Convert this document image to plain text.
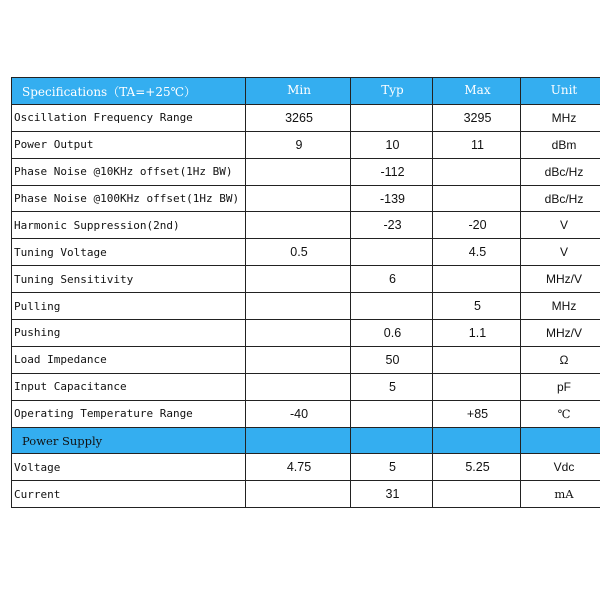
Specifications（TA=+25℃）	Min	Typ	Max	Unit
Oscillation Frequency Range	3265		3295	MHz
Power Output	9	10	11	dBm
Phase Noise @10KHz offset(1Hz BW)		-112		dBc/Hz
Phase Noise @100KHz offset(1Hz BW)		-139		dBc/Hz
Harmonic Suppression(2nd)		-23	-20	V
Tuning Voltage	0.5		4.5	V
Tuning Sensitivity		6		MHz/V
Pulling			5	MHz
Pushing		0.6	1.1	MHz/V
Load Impedance		50		Ω
Input Capacitance		5		pF
Operating Temperature Range	-40		+85	℃
Power Supply				
Voltage	4.75	5	5.25	Vdc
Current		31		mA
